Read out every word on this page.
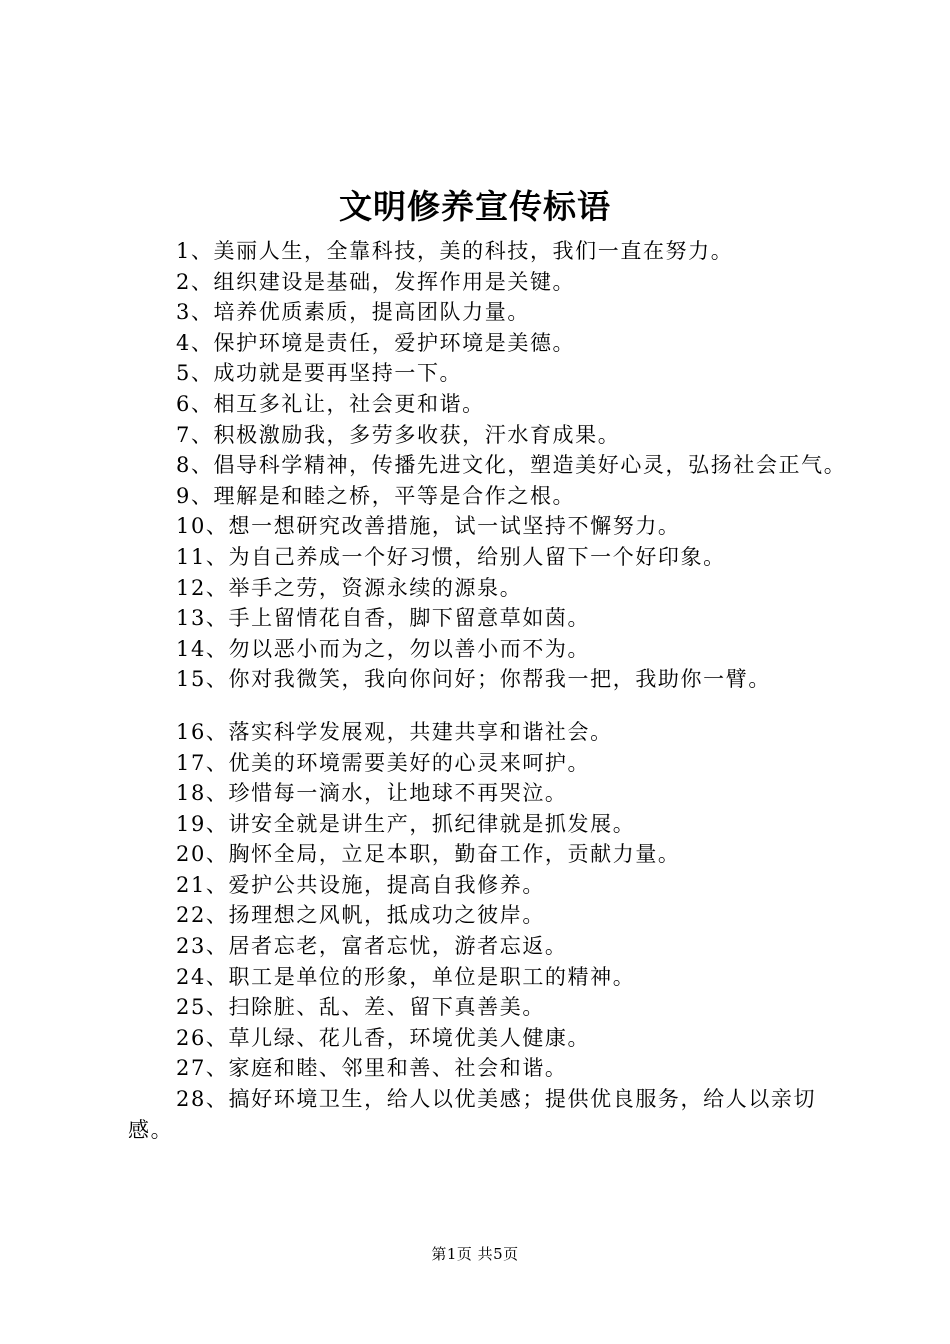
文明修养宣传标语
1、美丽人生，全靠科技，美的科技，我们一直在努力。
2、组织建设是基础，发挥作用是关键。
3、培养优质素质，提高团队力量。
4、保护环境是责任，爱护环境是美德。
5、成功就是要再坚持一下。
6、相互多礼让，社会更和谐。
7、积极激励我，多劳多收获，汗水育成果。
8、倡导科学精神，传播先进文化，塑造美好心灵，弘扬社会正气。
9、理解是和睦之桥，平等是合作之根。
10、想一想研究改善措施，试一试坚持不懈努力。
11、为自己养成一个好习惯，给别人留下一个好印象。
12、举手之劳，资源永续的源泉。
13、手上留情花自香，脚下留意草如茵。
14、勿以恶小而为之，勿以善小而不为。
15、你对我微笑，我向你问好；你帮我一把，我助你一臂。
16、落实科学发展观，共建共享和谐社会。
17、优美的环境需要美好的心灵来呵护。
18、珍惜每一滴水，让地球不再哭泣。
19、讲安全就是讲生产，抓纪律就是抓发展。
20、胸怀全局，立足本职，勤奋工作，贡献力量。
21、爱护公共设施，提高自我修养。
22、扬理想之风帆，抵成功之彼岸。
23、居者忘老，富者忘忧，游者忘返。
24、职工是单位的形象，单位是职工的精神。
25、扫除脏、乱、差、留下真善美。
26、草儿绿、花儿香，环境优美人健康。
27、家庭和睦、邻里和善、社会和谐。
28、搞好环境卫生，给人以优美感；提供优良服务，给人以亲切感。
第1页 共5页
